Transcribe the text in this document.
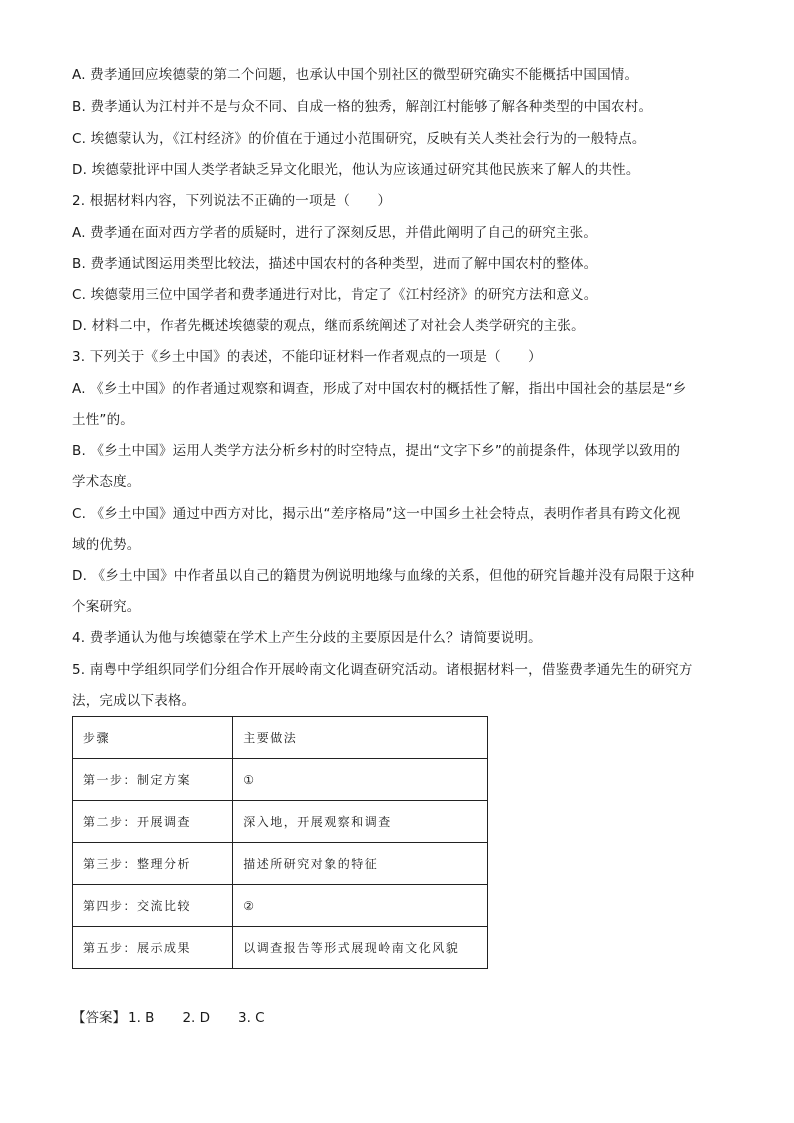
A. 费孝通回应埃德蒙的第二个问题，也承认中国个别社区的微型研究确实不能概括中国国情。
B. 费孝通认为江村并不是与众不同、自成一格的独秀，解剖江村能够了解各种类型的中国农村。
C. 埃德蒙认为，《江村经济》的价值在于通过小范围研究，反映有关人类社会行为的一般特点。
D. 埃德蒙批评中国人类学者缺乏异文化眼光，他认为应该通过研究其他民族来了解人的共性。
2. 根据材料内容，下列说法不正确的一项是（　　）
A. 费孝通在面对西方学者的质疑时，进行了深刻反思，并借此阐明了自己的研究主张。
B. 费孝通试图运用类型比较法，描述中国农村的各种类型，进而了解中国农村的整体。
C. 埃德蒙用三位中国学者和费孝通进行对比，肯定了《江村经济》的研究方法和意义。
D. 材料二中，作者先概述埃德蒙的观点，继而系统阐述了对社会人类学研究的主张。
3. 下列关于《乡土中国》的表述，不能印证材料一作者观点的一项是（　　）
A. 《乡土中国》的作者通过观察和调查，形成了对中国农村的概括性了解，指出中国社会的基层是“乡
土性”的。
B. 《乡土中国》运用人类学方法分析乡村的时空特点，提出“文字下乡”的前提条件，体现学以致用的
学术态度。
C. 《乡土中国》通过中西方对比，揭示出“差序格局”这一中国乡土社会特点，表明作者具有跨文化视
域的优势。
D. 《乡土中国》中作者虽以自己的籍贯为例说明地缘与血缘的关系，但他的研究旨趣并没有局限于这种
个案研究。
4. 费孝通认为他与埃德蒙在学术上产生分歧的主要原因是什么？请简要说明。
5. 南粤中学组织同学们分组合作开展岭南文化调查研究活动。诸根据材料一，借鉴费孝通先生的研究方
法，完成以下表格。
步骤	主要做法
第一步：制定方案	①
第二步：开展调查	深入地，开展观察和调查
第三步：整理分析	描述所研究对象的特征
第四步：交流比较	②
第五步：展示成果	以调查报告等形式展现岭南文化风貌
【答案】 1. B 2. D 3. C
